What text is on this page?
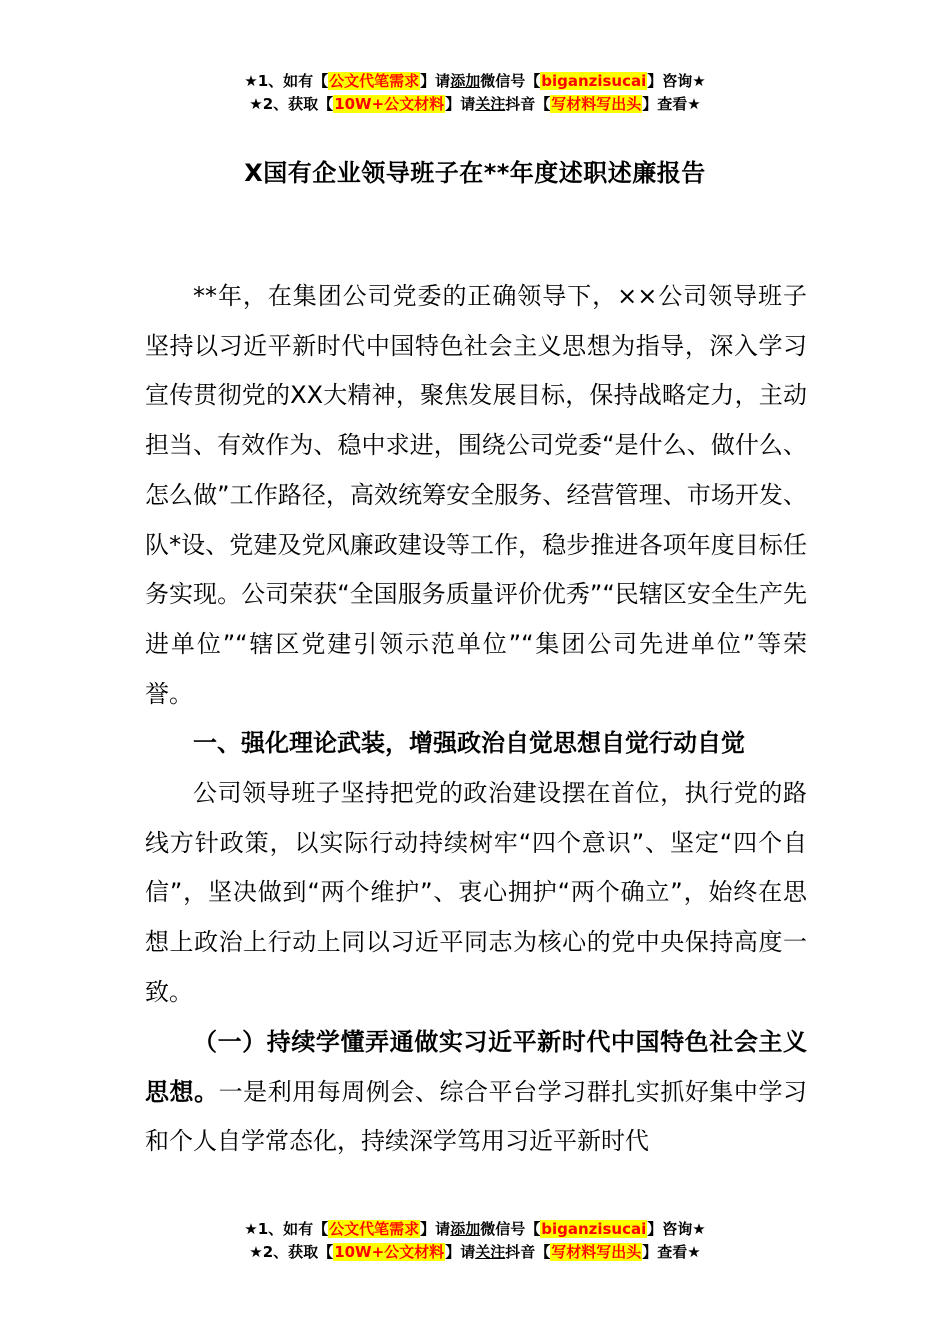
★1、如有【公文代笔需求】请添加微信号【biganzisucai】咨询★
★2、获取【10W+公文材料】请关注抖音【写材料写出头】查看★
X国有企业领导班子在**年度述职述廉报告
**年，在集团公司党委的正确领导下，××公司领导班子坚持以习近平新时代中国特色社会主义思想为指导，深入学习宣传贯彻党的XX大精神，聚焦发展目标，保持战略定力，主动担当、有效作为、稳中求进，围绕公司党委“是什么、做什么、怎么做”工作路径，高效统筹安全服务、经营管理、市场开发、队*设、党建及党风廉政建设等工作，稳步推进各项年度目标任务实现。公司荣获“全国服务质量评价优秀”“民辖区安全生产先进单位”“辖区党建引领示范单位”“集团公司先进单位”等荣誉。
一、强化理论武装，增强政治自觉思想自觉行动自觉
公司领导班子坚持把党的政治建设摆在首位，执行党的路线方针政策，以实际行动持续树牢“四个意识”、坚定“四个自信”，坚决做到“两个维护”、衷心拥护“两个确立”，始终在思想上政治上行动上同以习近平同志为核心的党中央保持高度一致。
（一）持续学懂弄通做实习近平新时代中国特色社会主义思想。一是利用每周例会、综合平台学习群扎实抓好集中学习和个人自学常态化，持续深学笃用习近平新时代
★1、如有【公文代笔需求】请添加微信号【biganzisucai】咨询★
★2、获取【10W+公文材料】请关注抖音【写材料写出头】查看★
